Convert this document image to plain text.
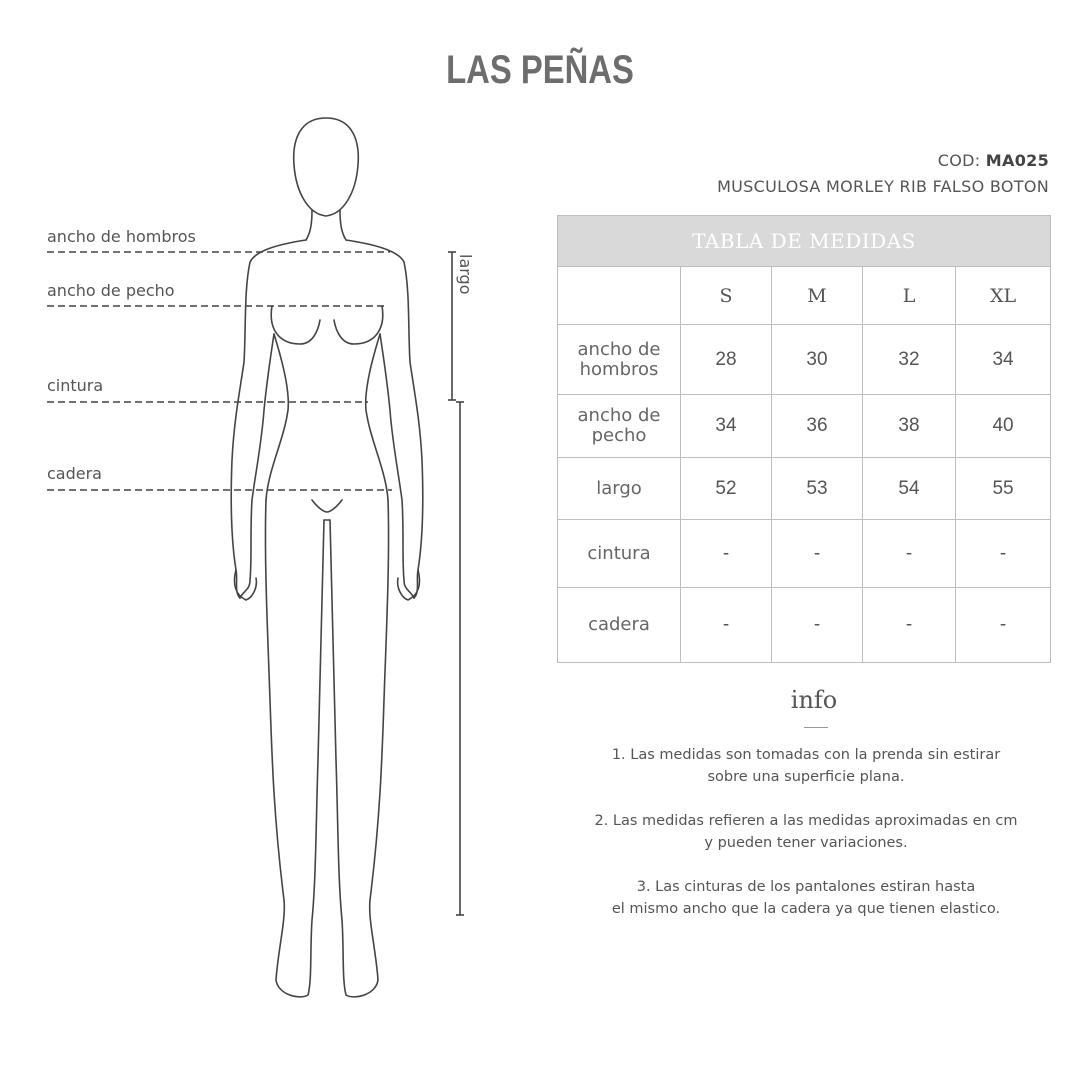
LAS PEÑAS
ancho de hombros
ancho de pecho
cintura
cadera
largo
COD: MA025
MUSCULOSA MORLEY RIB FALSO BOTON
TABLA DE MEDIDAS				
	S	M	L	XL

ancho de hombros	28	30	32	34

ancho de pecho	34	36	38	40
largo	52	53	54	55
cintura	-	-	-	-
cadera	-	-	-	-
info
1. Las medidas son tomadas con la prenda sin estirar
sobre una superficie plana.
2. Las medidas refieren a las medidas aproximadas en cm
y pueden tener variaciones.
3. Las cinturas de los pantalones estiran hasta
el mismo ancho que la cadera ya que tienen elastico.
